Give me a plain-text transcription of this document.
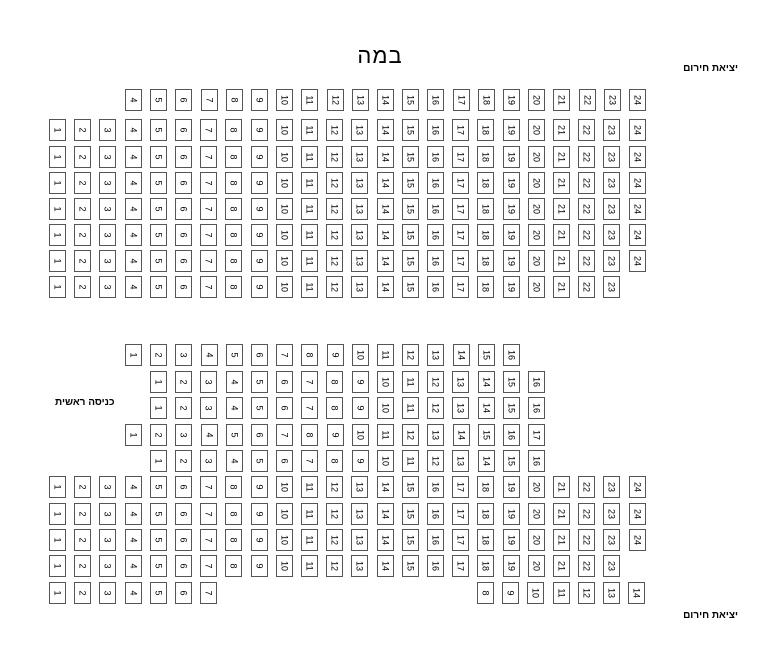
במה
יציאת חירום
יציאת חירום
כניסה ראשית
4	5	6	7	8	9	10	11	12	13	14	15	16	17	18	19	20	21	22	23	24
1	2	3	4	5	6	7	8	9	10	11	12	13	14	15	16	17	18	19	20	21	22	23	24
1	2	3	4	5	6	7	8	9	10	11	12	13	14	15	16	17	18	19	20	21	22	23	24
1	2	3	4	5	6	7	8	9	10	11	12	13	14	15	16	17	18	19	20	21	22	23	24
1	2	3	4	5	6	7	8	9	10	11	12	13	14	15	16	17	18	19	20	21	22	23	24
1	2	3	4	5	6	7	8	9	10	11	12	13	14	15	16	17	18	19	20	21	22	23	24
1	2	3	4	5	6	7	8	9	10	11	12	13	14	15	16	17	18	19	20	21	22	23	24
1	2	3	4	5	6	7	8	9	10	11	12	13	14	15	16	17	18	19	20	21	22	23
1	2	3	4	5	6	7	8	9	10	11	12	13	14	15	16
1	2	3	4	5	6	7	8	9	10	11	12	13	14	15	16
1	2	3	4	5	6	7	8	9	10	11	12	13	14	15	16
1	2	3	4	5	6	7	8	9	10	11	12	13	14	15	16	17
1	2	3	4	5	6	7	8	9	10	11	12	13	14	15	16
1	2	3	4	5	6	7	8	9	10	11	12	13	14	15	16	17	18	19	20	21	22	23	24
1	2	3	4	5	6	7	8	9	10	11	12	13	14	15	16	17	18	19	20	21	22	23	24
1	2	3	4	5	6	7	8	9	10	11	12	13	14	15	16	17	18	19	20	21	22	23	24
1	2	3	4	5	6	7	8	9	10	11	12	13	14	15	16	17	18	19	20	21	22	23
1	2	3	4	5	6	7	8	9	10	11	12	13	14
